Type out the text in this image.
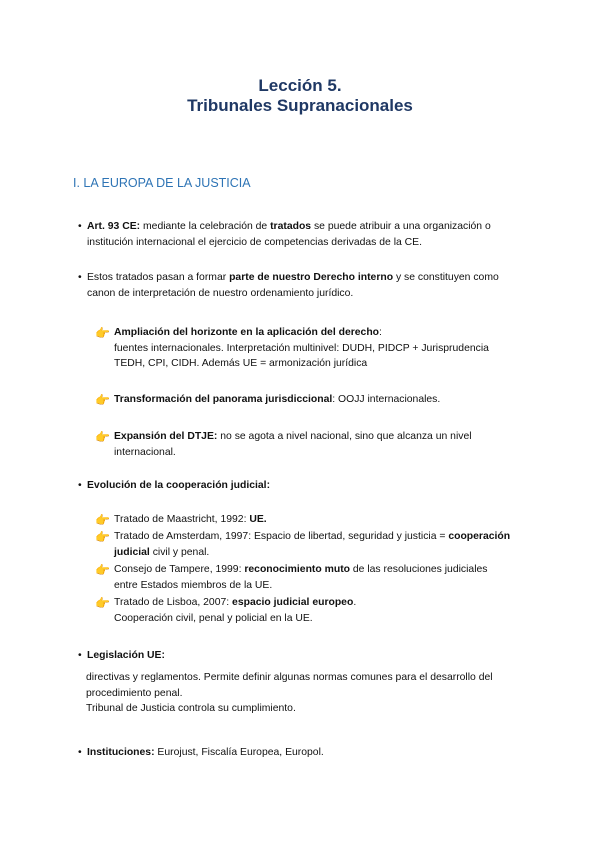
Lección 5.
Tribunales Supranacionales
I. LA EUROPA DE LA JUSTICIA
• Art. 93 CE: mediante la celebración de tratados se puede atribuir a una organización o
institución internacional el ejercicio de competencias derivadas de la CE.
• Estos tratados pasan a formar parte de nuestro Derecho interno y se constituyen como
canon de interpretación de nuestro ordenamiento jurídico.
👉 Ampliación del horizonte en la aplicación del derecho:
fuentes internacionales. Interpretación multinivel: DUDH, PIDCP + Jurisprudencia
TEDH, CPI, CIDH. Además UE = armonización jurídica
👉 Transformación del panorama jurisdiccional: OOJJ internacionales.
👉 Expansión del DTJE: no se agota a nivel nacional, sino que alcanza un nivel
internacional.
• Evolución de la cooperación judicial:
👉 Tratado de Maastricht, 1992: UE.
👉 Tratado de Amsterdam, 1997: Espacio de libertad, seguridad y justicia = cooperación
judicial civil y penal.
👉 Consejo de Tampere, 1999: reconocimiento muto de las resoluciones judiciales
entre Estados miembros de la UE.
👉 Tratado de Lisboa, 2007: espacio judicial europeo.
Cooperación civil, penal y policial en la UE.
• Legislación UE:
directivas y reglamentos. Permite definir algunas normas comunes para el desarrollo del
procedimiento penal.
Tribunal de Justicia controla su cumplimiento.
• Instituciones: Eurojust, Fiscalía Europea, Europol.
